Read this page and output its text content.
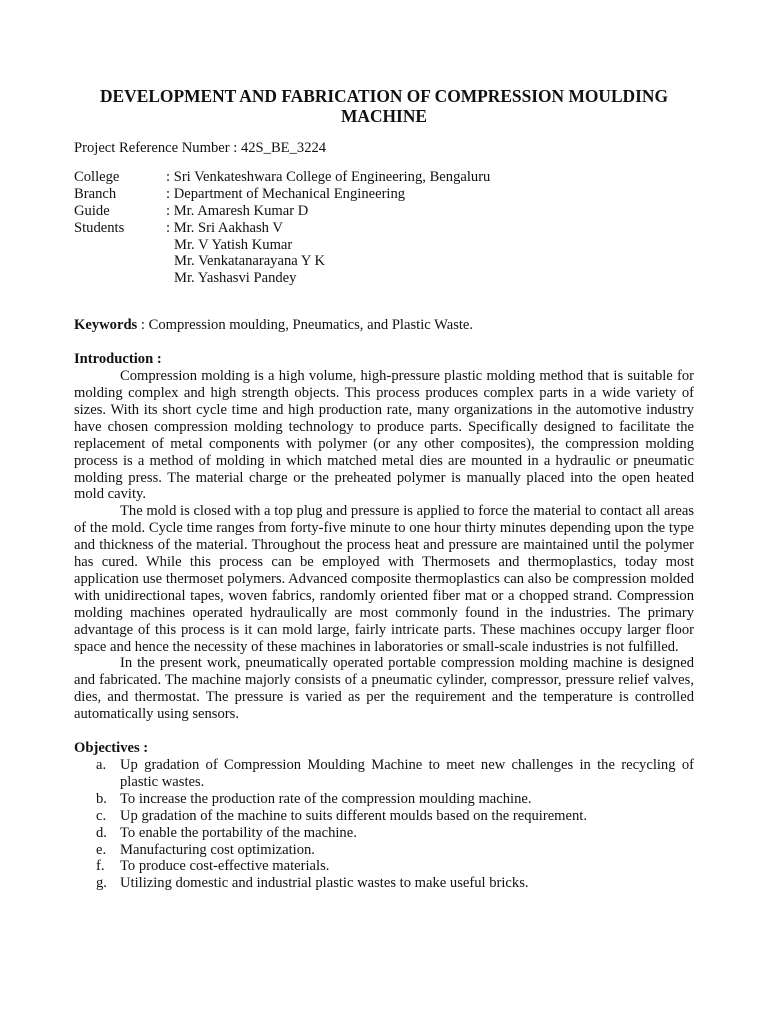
DEVELOPMENT AND FABRICATION OF COMPRESSION MOULDING MACHINE
Project Reference Number : 42S_BE_3224
College	: Sri Venkateshwara College of Engineering, Bengaluru
Branch	: Department of Mechanical Engineering
Guide	: Mr. Amaresh Kumar D
Students	: Mr. Sri Aakhash V
Mr. V Yatish Kumar
Mr. Venkatanarayana Y K
Mr. Yashasvi Pandey
Keywords : Compression moulding, Pneumatics, and Plastic Waste.
Introduction :

Compression molding is a high volume, high-pressure plastic molding method that is suitable for molding complex and high strength objects. This process produces complex parts in a wide variety of sizes. With its short cycle time and high production rate, many organizations in the automotive industry have chosen compression molding technology to produce parts. Specifically designed to facilitate the replacement of metal components with polymer (or any other composites), the compression molding process is a method of molding in which matched metal dies are mounted in a hydraulic or pneumatic molding press. The material charge or the preheated polymer is manually placed into the open heated mold cavity.

The mold is closed with a top plug and pressure is applied to force the material to contact all areas of the mold. Cycle time ranges from forty-five minute to one hour thirty minutes depending upon the type and thickness of the material. Throughout the process heat and pressure are maintained until the polymer has cured. While this process can be employed with Thermosets and thermoplastics, today most application use thermoset polymers. Advanced composite thermoplastics can also be compression molded with unidirectional tapes, woven fabrics, randomly oriented fiber mat or a chopped strand. Compression molding machines operated hydraulically are most commonly found in the industries. The primary advantage of this process is it can mold large, fairly intricate parts. These machines occupy larger floor space and hence the necessity of these machines in laboratories or small-scale industries is not fulfilled.

In the present work, pneumatically operated portable compression molding machine is designed and fabricated. The machine majorly consists of a pneumatic cylinder, compressor, pressure relief valves, dies, and thermostat. The pressure is varied as per the requirement and the temperature is controlled automatically using sensors.

Objectives :
a. Up gradation of Compression Moulding Machine to meet new challenges in the recycling of plastic wastes.
b. To increase the production rate of the compression moulding machine.
c. Up gradation of the machine to suits different moulds based on the requirement.
d. To enable the portability of the machine.
e. Manufacturing cost optimization.
f.	To produce cost-effective materials.
g. Utilizing domestic and industrial plastic wastes to make useful bricks.
